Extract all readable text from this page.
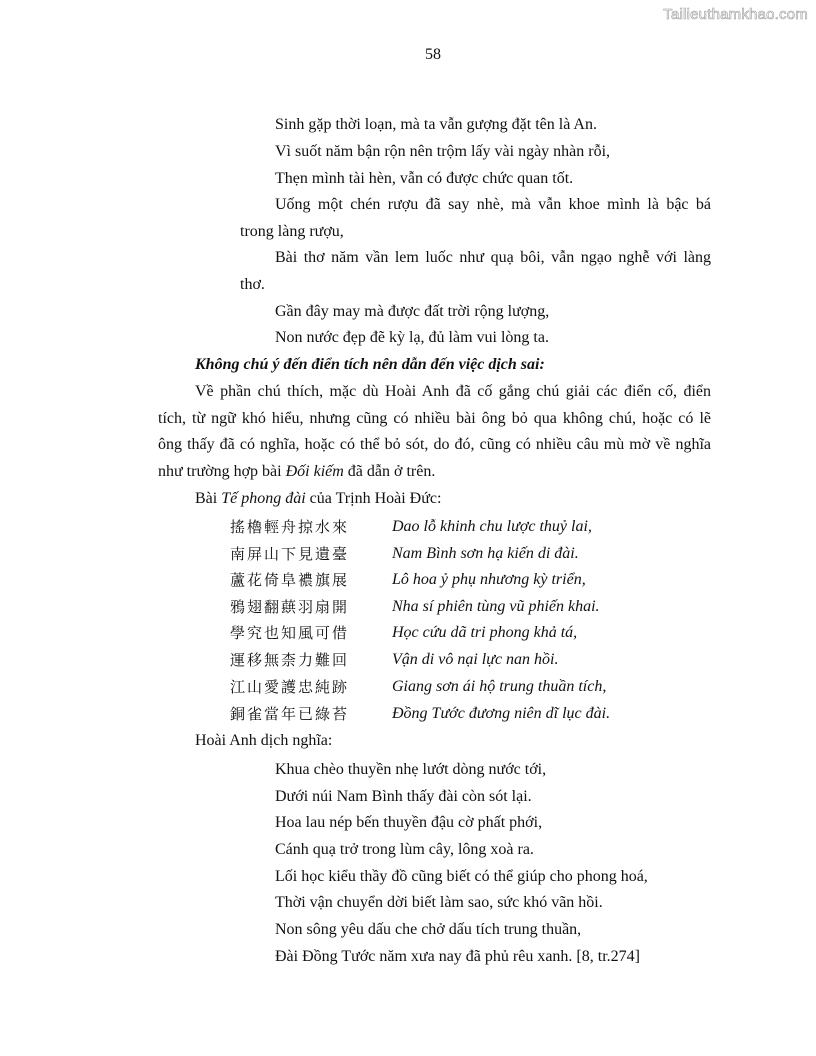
Tailieuthamkhao.com
58
Sinh gặp thời loạn, mà ta vẫn gượng đặt tên là An.
Vì suốt năm bận rộn nên trộm lấy vài ngày nhàn rỗi,
Thẹn mình tài hèn, vẫn có được chức quan tốt.
Uống một chén rượu đã say nhè, mà vẫn khoe mình là bậc bá
trong làng rượu,
Bài thơ năm vần lem luốc như quạ bôi, vẫn ngạo nghễ với làng
thơ.
Gần đây may mà được đất trời rộng lượng,
Non nước đẹp đẽ kỳ lạ, đủ làm vui lòng ta.
Không chú ý đến điển tích nên dẫn đến việc dịch sai:
Về phần chú thích, mặc dù Hoài Anh đã cố gắng chú giải các điển cố, điển
tích, từ ngữ khó hiểu, nhưng cũng có nhiều bài ông bỏ qua không chú, hoặc có lẽ
ông thấy đã có nghĩa, hoặc có thể bỏ sót, do đó, cũng có nhiều câu mù mờ về nghĩa
như trường hợp bài Đối kiếm đã dẫn ở trên.
Bài Tế phong đài của Trịnh Hoài Đức:
搖櫓輕舟掠水來	Dao lỗ khinh chu lược thuỷ lai,
南屏山下見遺臺	Nam Bình sơn hạ kiến di đài.
蘆花倚阜襛旗展	Lô hoa ỷ phụ nhương kỳ triển,
鴉翅翻蕻羽扇開	Nha sí phiên tùng vũ phiến khai.
學究也知風可借	Học cứu dã tri phong khả tá,
運移無柰力難回	Vận di vô nại lực nan hồi.
江山愛護忠純跡	Giang sơn ái hộ trung thuần tích,
銅雀當年已綠苔	Đồng Tước đương niên dĩ lục đài.
Hoài Anh dịch nghĩa:
Khua chèo thuyền nhẹ lướt dòng nước tới,
Dưới núi Nam Bình thấy đài còn sót lại.
Hoa lau nép bến thuyền đậu cờ phất phới,
Cánh quạ trở trong lùm cây, lông xoà ra.
Lối học kiểu thầy đồ cũng biết có thể giúp cho phong hoá,
Thời vận chuyển dời biết làm sao, sức khó vãn hồi.
Non sông yêu dấu che chở dấu tích trung thuần,
Đài Đồng Tước năm xưa nay đã phủ rêu xanh. [8, tr.274]
